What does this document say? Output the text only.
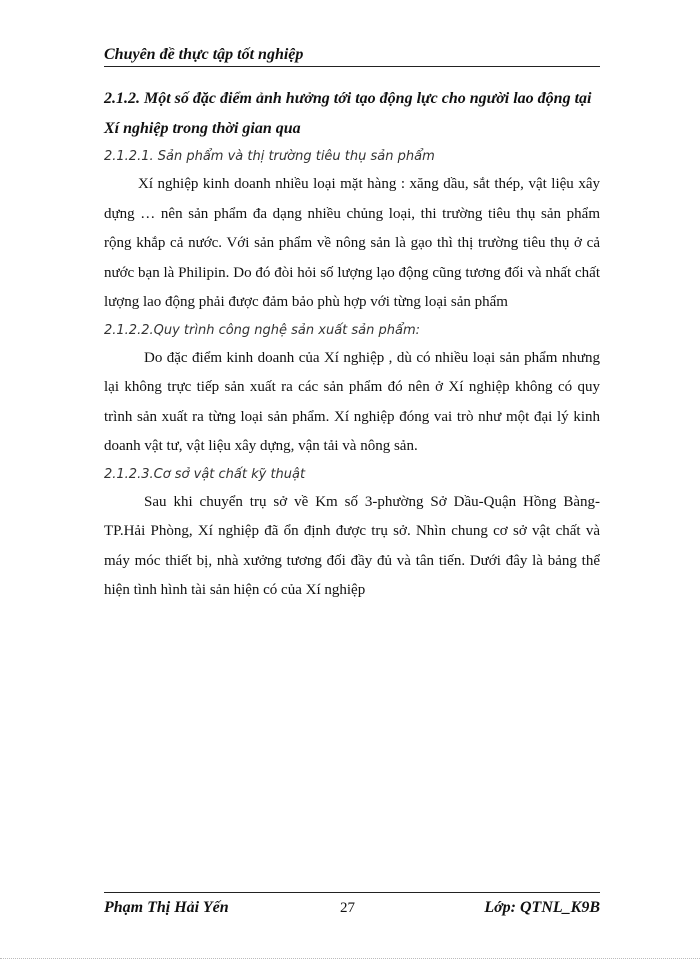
Chuyên đề thực tập tốt nghiệp

2.1.2. Một số đặc điểm ảnh hưởng tới tạo động lực cho người lao động tại Xí nghiệp trong thời gian qua

2.1.2.1. Sản phẩm và thị trường tiêu thụ sản phẩm

Xí nghiệp kinh doanh nhiều loại mặt hàng : xăng dầu, sắt thép, vật liệu xây dựng … nên sản phẩm đa dạng nhiều chủng loại, thi trường tiêu thụ sản phẩm rộng khắp cả nước. Với sản phẩm về nông sản là gạo thì thị trường tiêu thụ ở cả nước bạn là Philipin. Do đó đòi hỏi số lượng lạo động cũng tương đối và nhất chất lượng lao động phải được đảm bảo phù hợp với từng loại sản phẩm

2.1.2.2.Quy trình công nghệ sản xuất sản phẩm:

Do đặc điểm kinh doanh của Xí nghiệp , dù có nhiều loại sản phẩm nhưng lại không trực tiếp sản xuất ra các sản phẩm đó nên ở Xí nghiệp không có quy trình sản xuất ra từng loại sản phẩm. Xí nghiệp đóng vai trò như một đại lý kinh doanh vật tư, vật liệu xây dựng, vận tải và nông sản.

2.1.2.3.Cơ sở vật chất kỹ thuật

Sau khi chuyển trụ sở về Km số 3-phường Sở Dầu-Quận Hồng Bàng-TP.Hải Phòng, Xí nghiệp đã ổn định được trụ sở. Nhìn chung cơ sở vật chất và máy móc thiết bị, nhà xưởng tương đối đầy đủ và tân tiến. Dưới đây là bảng thể hiện tình hình tài sản hiện có của Xí nghiệp

Phạm Thị Hải Yến	27	Lớp: QTNL_K9B
